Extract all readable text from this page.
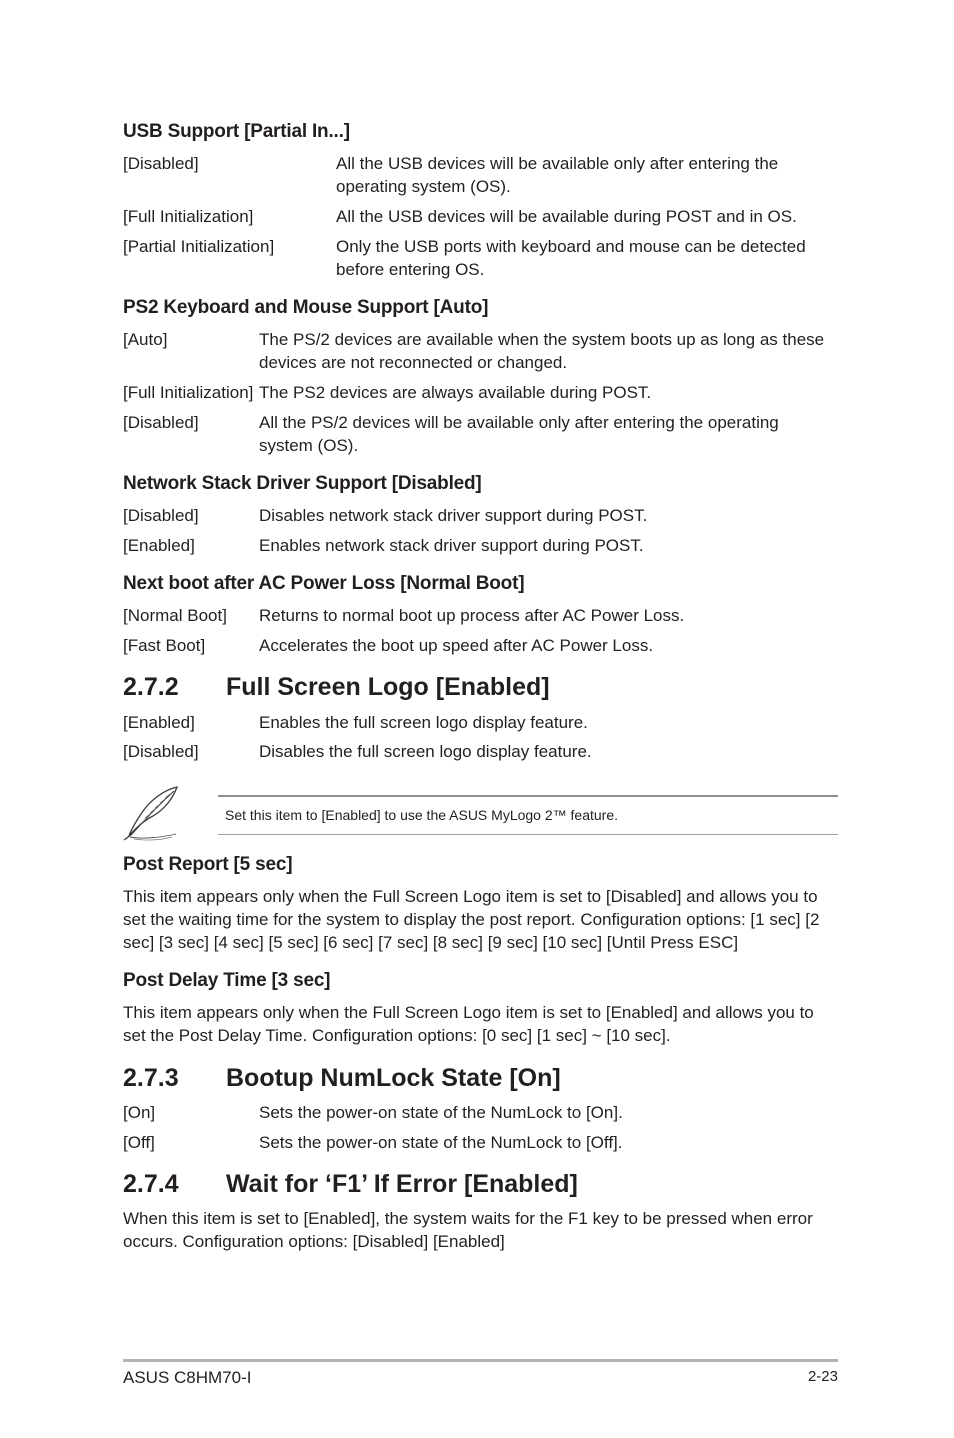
USB Support [Partial In...]
[Disabled]	All the USB devices will be available only after entering the operating system (OS).
[Full Initialization]	All the USB devices will be available during POST and in OS.
[Partial Initialization]	Only the USB ports with keyboard and mouse can be detected before entering OS.
PS2 Keyboard and Mouse Support [Auto]
[Auto]	The PS/2 devices are available when the system boots up as long as these devices are not reconnected or changed.
[Full Initialization] The PS2 devices are always available during POST.
[Disabled]	All the PS/2 devices will be available only after entering the operating system (OS).
Network Stack Driver Support [Disabled]
[Disabled]	Disables network stack driver support during POST.
[Enabled]	Enables network stack driver support during POST.
Next boot after AC Power Loss [Normal Boot]
[Normal Boot] Returns to normal boot up process after AC Power Loss.
[Fast Boot]	Accelerates the boot up speed after AC Power Loss.
2.7.2 Full Screen Logo [Enabled]
[Enabled]	Enables the full screen logo display feature.
[Disabled]	Disables the full screen logo display feature.
Set this item to [Enabled] to use the ASUS MyLogo 2™ feature.
Post Report [5 sec]
This item appears only when the Full Screen Logo item is set to [Disabled] and allows you to set the waiting time for the system to display the post report. Configuration options: [1 sec] [2 sec] [3 sec] [4 sec] [5 sec] [6 sec] [7 sec] [8 sec] [9 sec] [10 sec] [Until Press ESC]
Post Delay Time [3 sec]
This item appears only when the Full Screen Logo item is set to [Enabled] and allows you to set the Post Delay Time. Configuration options: [0 sec] [1 sec] ~ [10 sec].
2.7.3 Bootup NumLock State [On]
[On]	Sets the power-on state of the NumLock to [On].
[Off]	Sets the power-on state of the NumLock to [Off].
2.7.4 Wait for ‘F1’ If Error [Enabled]
When this item is set to [Enabled], the system waits for the F1 key to be pressed when error occurs. Configuration options: [Disabled] [Enabled]
ASUS C8HM70-I	2-23
